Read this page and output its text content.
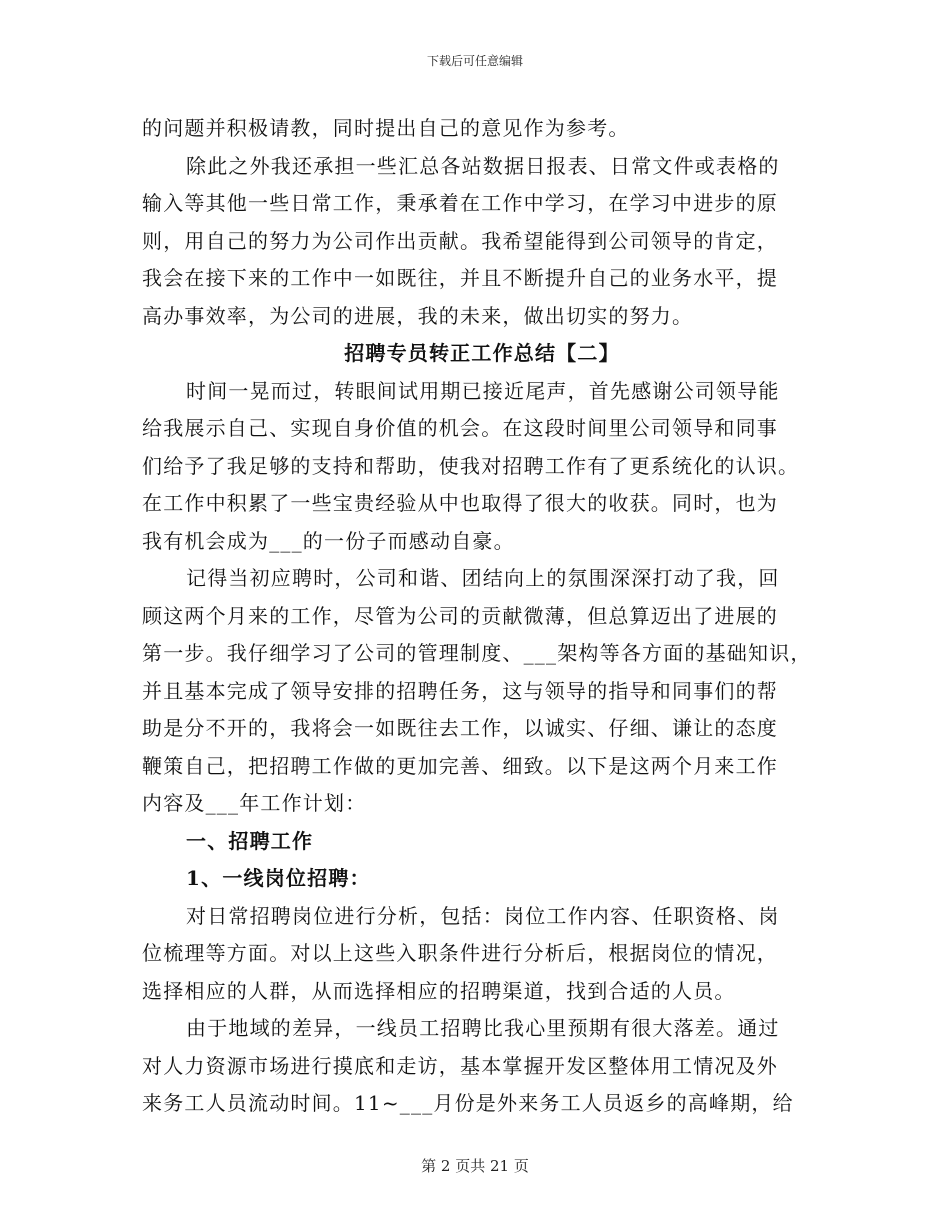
下载后可任意编辑
的问题并积极请教，同时提出自己的意见作为参考。
除此之外我还承担一些汇总各站数据日报表、日常文件或表格的
输入等其他一些日常工作，秉承着在工作中学习，在学习中进步的原
则，用自己的努力为公司作出贡献。我希望能得到公司领导的肯定，
我会在接下来的工作中一如既往，并且不断提升自己的业务水平，提
高办事效率，为公司的进展，我的未来，做出切实的努力。
招聘专员转正工作总结【二】
时间一晃而过，转眼间试用期已接近尾声，首先感谢公司领导能
给我展示自己、实现自身价值的机会。在这段时间里公司领导和同事
们给予了我足够的支持和帮助，使我对招聘工作有了更系统化的认识。
在工作中积累了一些宝贵经验从中也取得了很大的收获。同时，也为
我有机会成为___的一份子而感动自豪。
记得当初应聘时，公司和谐、团结向上的氛围深深打动了我，回
顾这两个月来的工作，尽管为公司的贡献微薄，但总算迈出了进展的
第一步。我仔细学习了公司的管理制度、___架构等各方面的基础知识，
并且基本完成了领导安排的招聘任务，这与领导的指导和同事们的帮
助是分不开的，我将会一如既往去工作，以诚实、仔细、谦让的态度
鞭策自己，把招聘工作做的更加完善、细致。以下是这两个月来工作
内容及___年工作计划：
一、招聘工作
1、一线岗位招聘：
对日常招聘岗位进行分析，包括：岗位工作内容、任职资格、岗
位梳理等方面。对以上这些入职条件进行分析后，根据岗位的情况，
选择相应的人群，从而选择相应的招聘渠道，找到合适的人员。
由于地域的差异，一线员工招聘比我心里预期有很大落差。通过
对人力资源市场进行摸底和走访，基本掌握开发区整体用工情况及外
来务工人员流动时间。11~___月份是外来务工人员返乡的高峰期，给
第 2 页共 21 页
